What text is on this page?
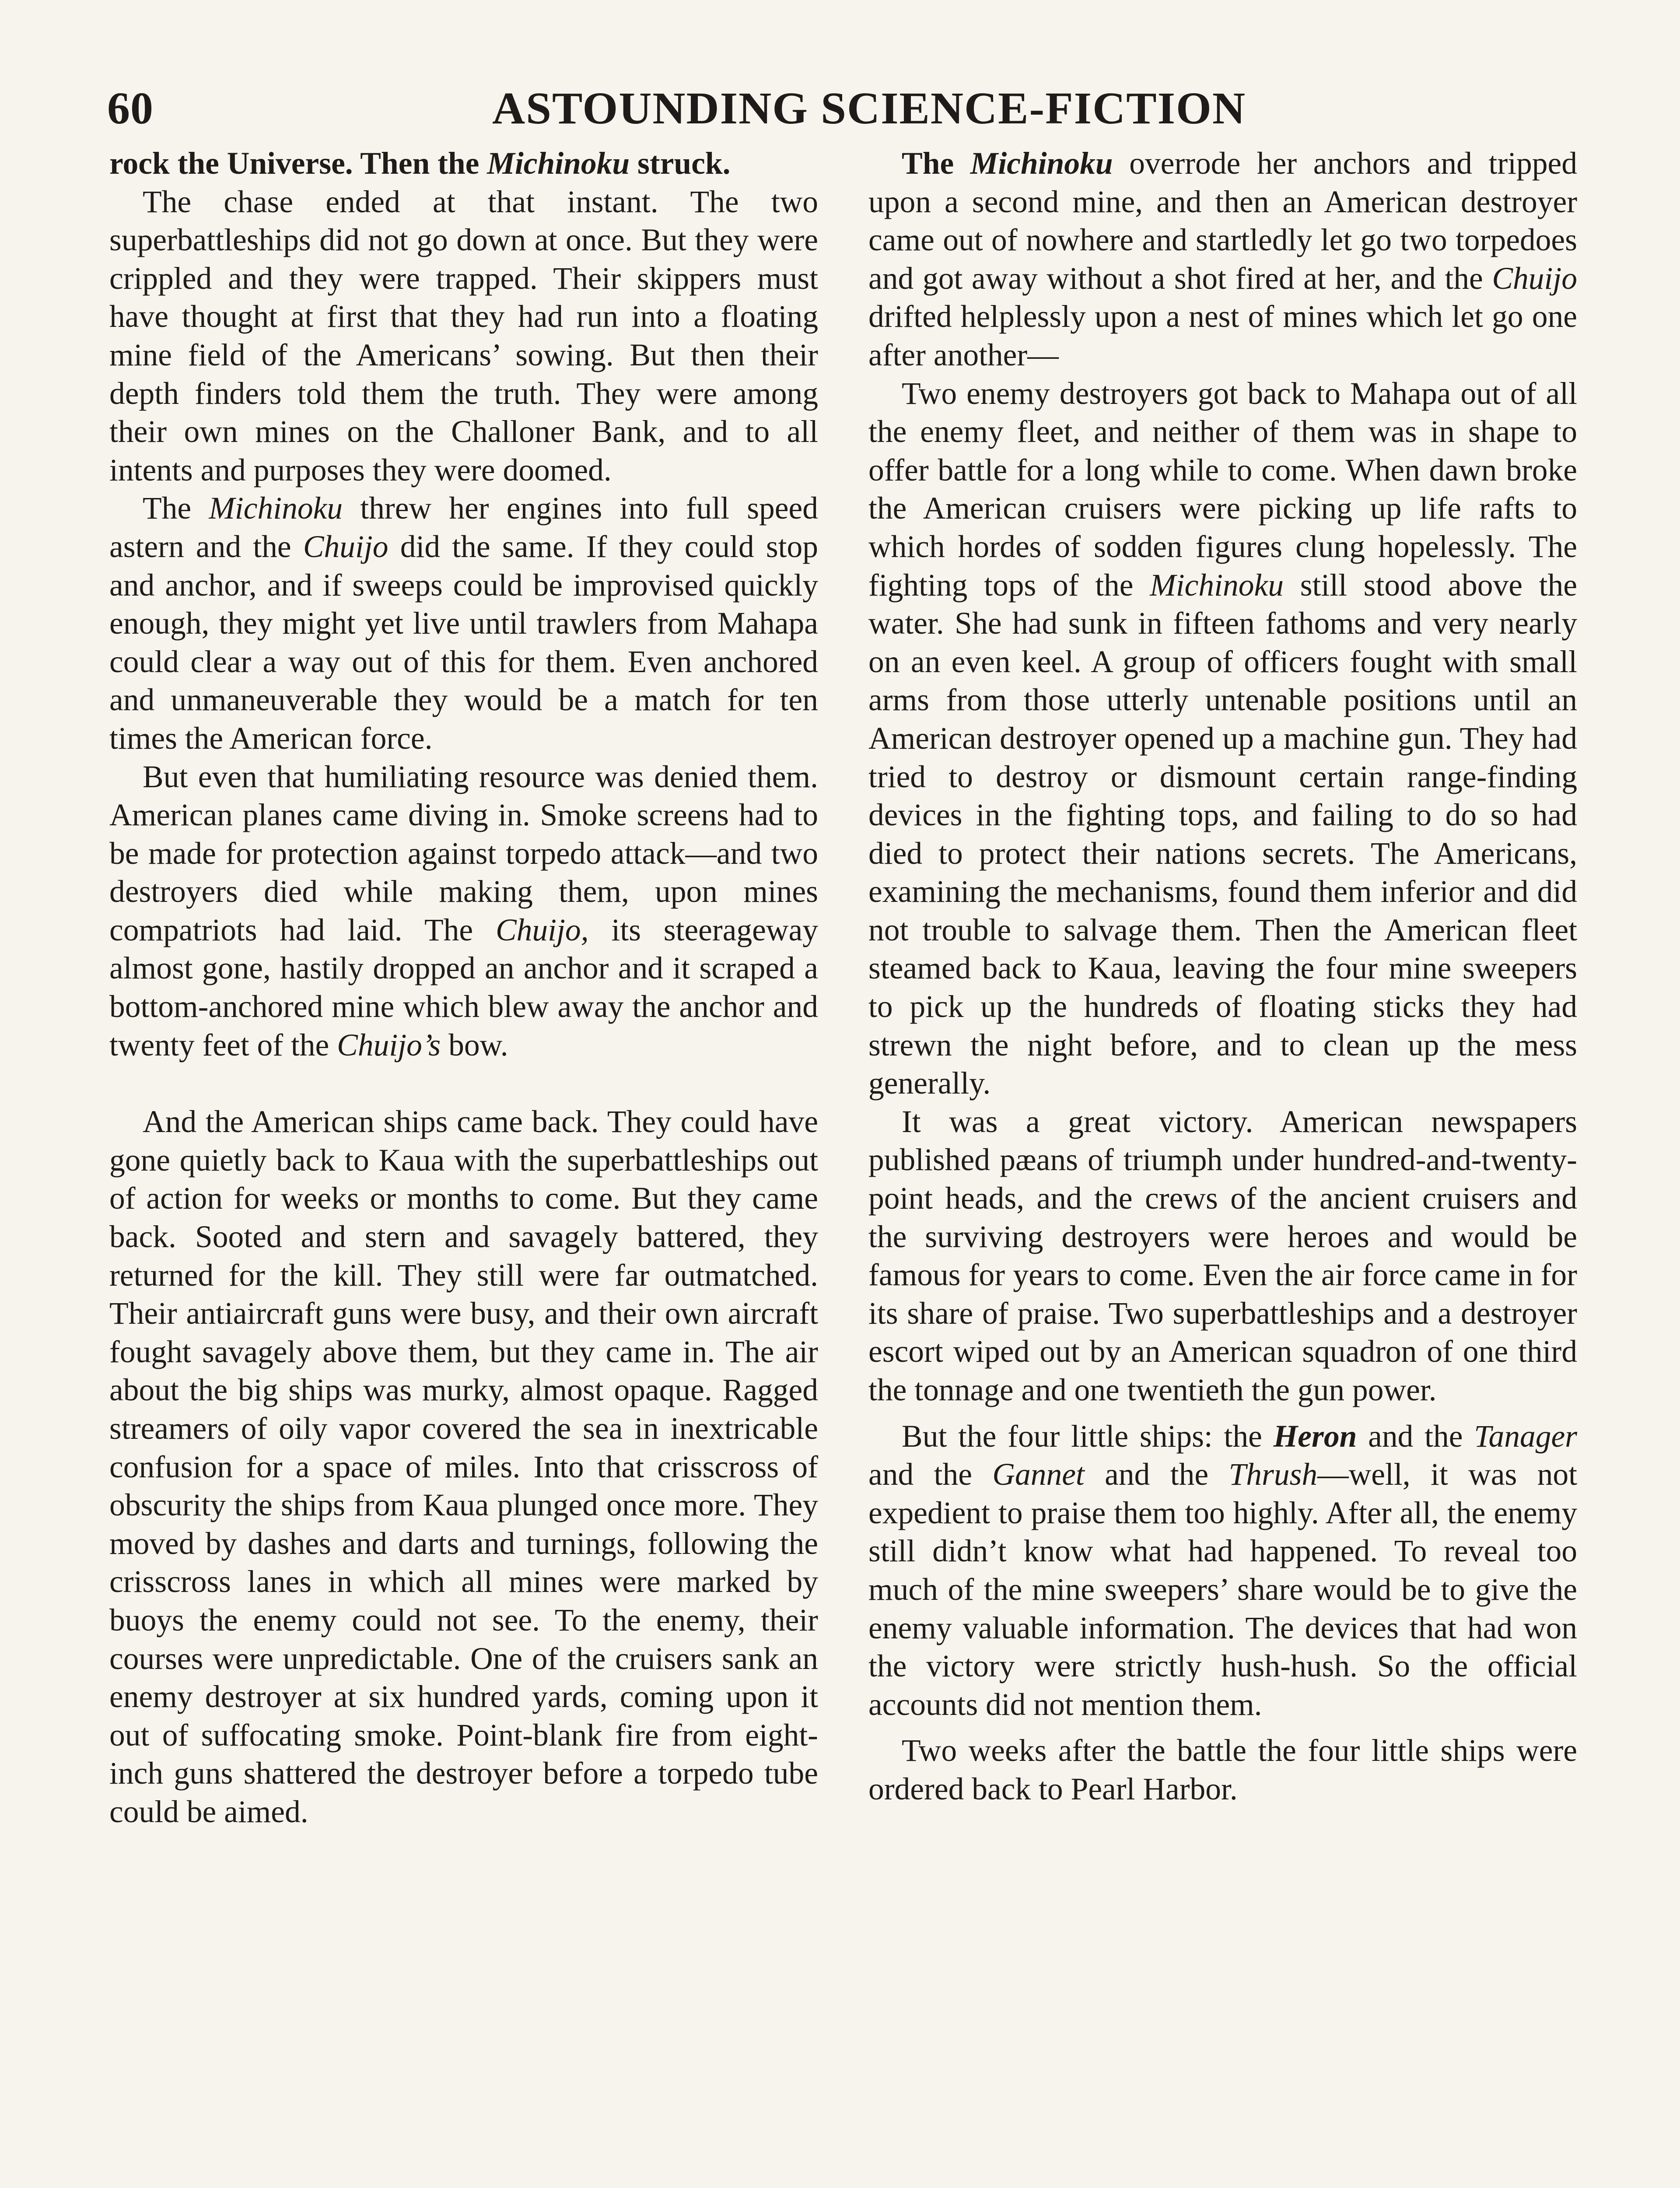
60	ASTOUNDING SCIENCE-FICTION

rock the Universe. Then the Michinoku struck.

The chase ended at that instant. The two superbattleships did not go down at once. But they were crippled and they were trapped. Their skippers must have thought at first that they had run into a floating mine field of the Americans’ sowing. But then their depth finders told them the truth. They were among their own mines on the Challoner Bank, and to all intents and purposes they were doomed.

The Michinoku threw her engines into full speed astern and the Chuijo did the same. If they could stop and anchor, and if sweeps could be improvised quickly enough, they might yet live until trawlers from Mahapa could clear a way out of this for them. Even anchored and unmaneuverable they would be a match for ten times the American force.

But even that humiliating resource was denied them. American planes came diving in. Smoke screens had to be made for protection against torpedo attack—and two destroyers died while making them, upon mines compatriots had laid. The Chuijo, its steerageway almost gone, hastily dropped an anchor and it scraped a bottom-anchored mine which blew away the anchor and twenty feet of the Chuijo’s bow.

And the American ships came back. They could have gone quietly back to Kaua with the superbattleships out of action for weeks or months to come. But they came back. Sooted and stern and savagely battered, they returned for the kill. They still were far outmatched. Their antiaircraft guns were busy, and their own aircraft fought savagely above them, but they came in. The air about the big ships was murky, almost opaque. Ragged streamers of oily vapor covered the sea in inextricable confusion for a space of miles. Into that crisscross of obscurity the ships from Kaua plunged once more. They moved by dashes and darts and turnings, following the crisscross lanes in which all mines were marked by buoys the enemy could not see. To the enemy, their courses were unpredictable. One of the cruisers sank an enemy destroyer at six hundred yards, coming upon it out of suffocating smoke. Point-blank fire from eight-inch guns shattered the destroyer before a torpedo tube could be aimed.

The Michinoku overrode her anchors and tripped upon a second mine, and then an American destroyer came out of nowhere and startledly let go two torpedoes and got away without a shot fired at her, and the Chuijo drifted helplessly upon a nest of mines which let go one after another—

Two enemy destroyers got back to Mahapa out of all the enemy fleet, and neither of them was in shape to offer battle for a long while to come. When dawn broke the American cruisers were picking up life rafts to which hordes of sodden figures clung hopelessly. The fighting tops of the Michinoku still stood above the water. She had sunk in fifteen fathoms and very nearly on an even keel. A group of officers fought with small arms from those utterly untenable positions until an American destroyer opened up a machine gun. They had tried to destroy or dismount certain range-finding devices in the fighting tops, and failing to do so had died to protect their nations secrets. The Americans, examining the mechanisms, found them inferior and did not trouble to salvage them. Then the American fleet steamed back to Kaua, leaving the four mine sweepers to pick up the hundreds of floating sticks they had strewn the night before, and to clean up the mess generally.

It was a great victory. American newspapers published pæans of triumph under hundred-and-twenty-point heads, and the crews of the ancient cruisers and the surviving destroyers were heroes and would be famous for years to come. Even the air force came in for its share of praise. Two superbattleships and a destroyer escort wiped out by an American squadron of one third the tonnage and one twentieth the gun power.

But the four little ships: the Heron and the Tanager and the Gannet and the Thrush—well, it was not expedient to praise them too highly. After all, the enemy still didn’t know what had happened. To reveal too much of the mine sweepers’ share would be to give the enemy valuable information. The devices that had won the victory were strictly hush-hush. So the official accounts did not mention them.

Two weeks after the battle the four little ships were ordered back to Pearl Harbor.
